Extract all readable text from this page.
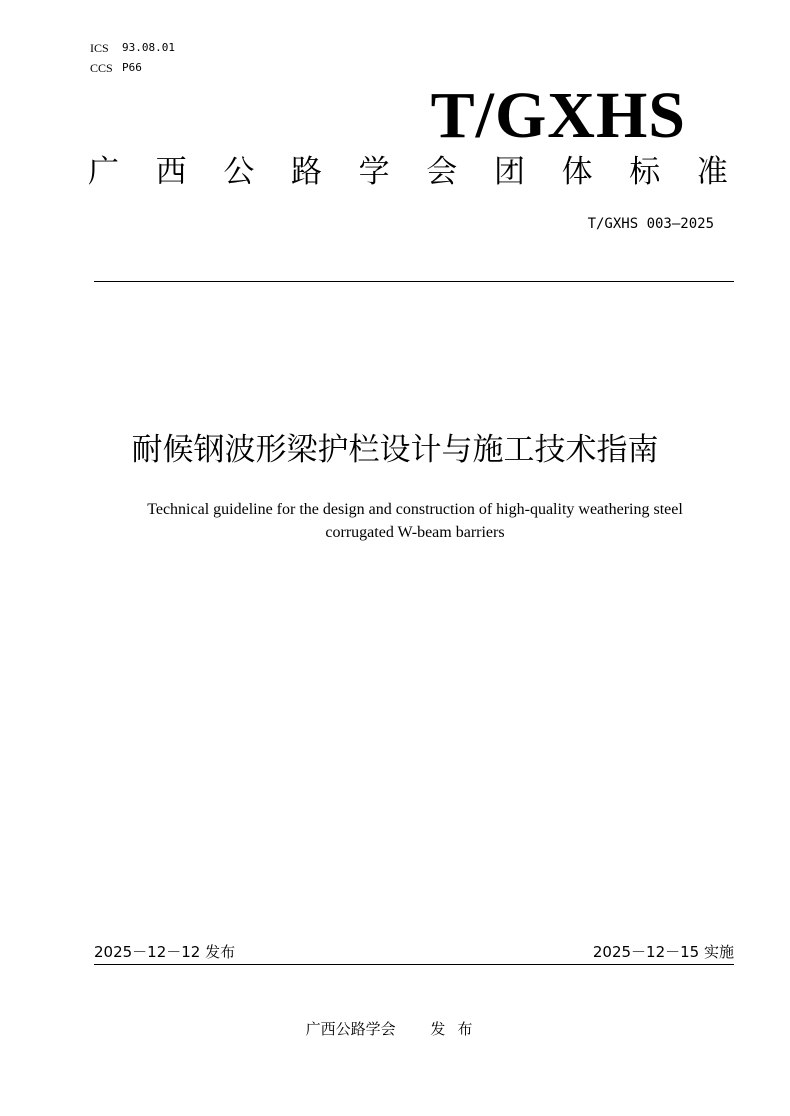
ICS	93.08.01
CCS P66
T/GXHS
广 西 公 路 学 会 团 体 标 准
T/GXHS 003—2025
耐候钢波形梁护栏设计与施工技术指南
Technical guideline for the design and construction of high-quality weathering steel
corrugated W-beam barriers
2025－12－12 发布	2025－12－15 实施
广西公路学会 发布
